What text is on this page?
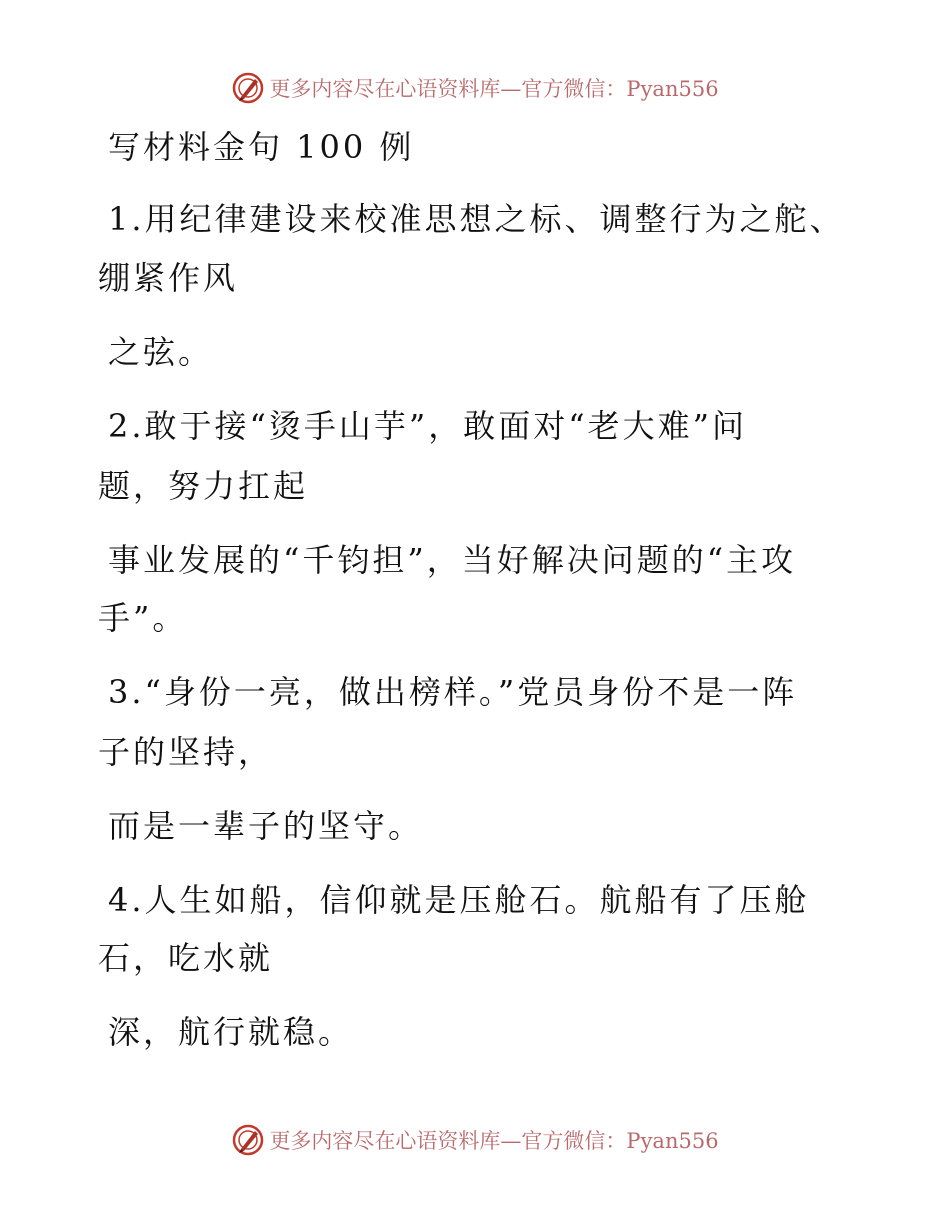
更多内容尽在心语资料库—官方微信：Pyan556
写材料金句 100 例
1.用纪律建设来校准思想之标、调整行为之舵、
绷紧作风
之弦。
2.敢于接“烫手山芋”，敢面对“老大难”问
题，努力扛起
事业发展的“千钧担”，当好解决问题的“主攻
手”。
3.“身份一亮，做出榜样。”党员身份不是一阵
子的坚持，
而是一辈子的坚守。
4.人生如船，信仰就是压舱石。航船有了压舱
石，吃水就
深，航行就稳。
更多内容尽在心语资料库—官方微信：Pyan556
